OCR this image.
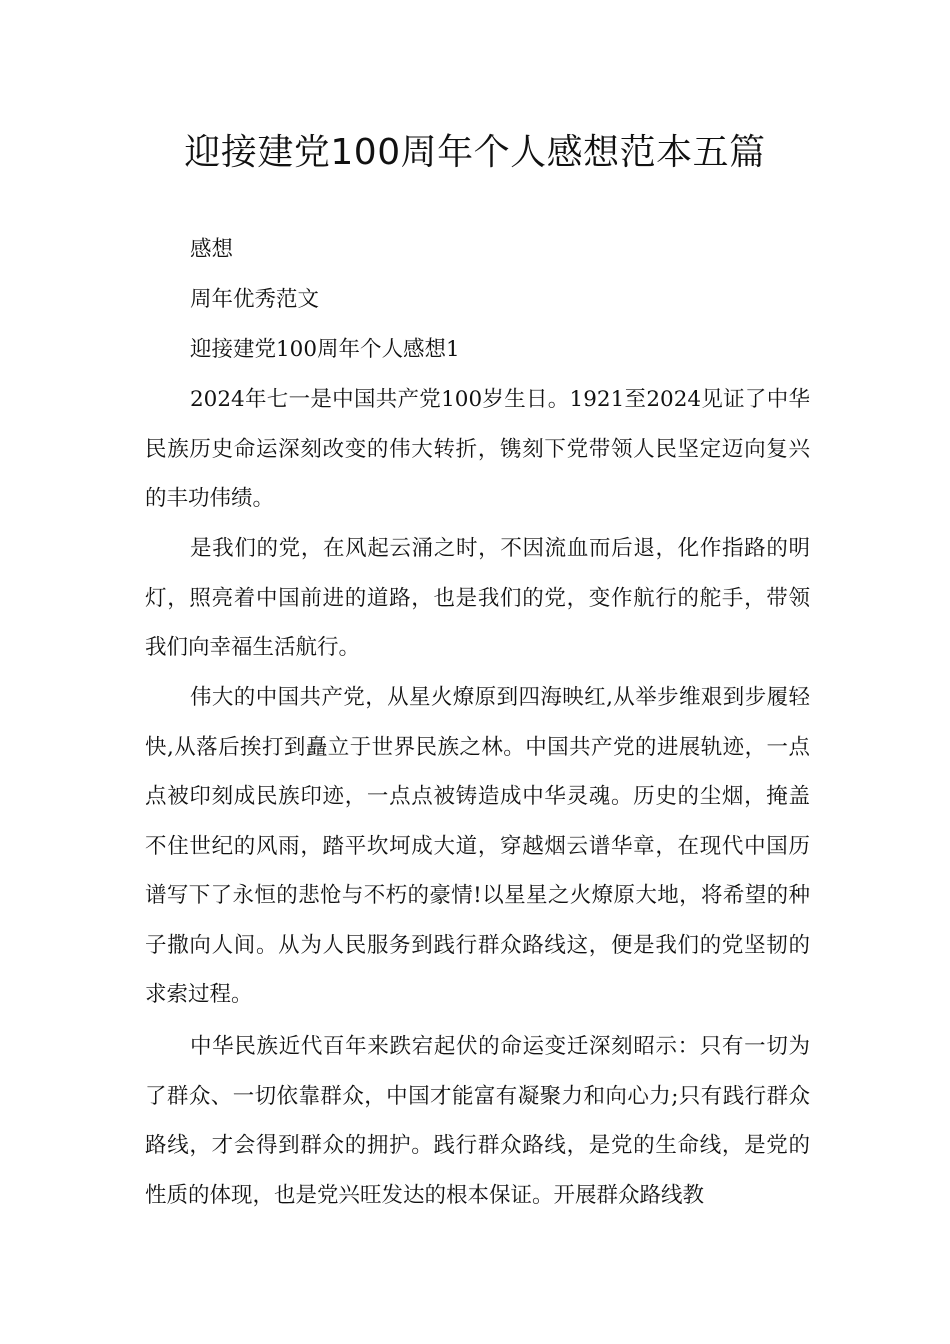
迎接建党100周年个人感想范本五篇
感想
周年优秀范文
迎接建党100周年个人感想1

2024年七一是中国共产党100岁生日。1921至2024见证了中华民族历史命运深刻改变的伟大转折，镌刻下党带领人民坚定迈向复兴的丰功伟绩。

是我们的党，在风起云涌之时，不因流血而后退，化作指路的明灯，照亮着中国前进的道路，也是我们的党，变作航行的舵手，带领我们向幸福生活航行。

伟大的中国共产党，从星火燎原到四海映红,从举步维艰到步履轻快,从落后挨打到矗立于世界民族之林。中国共产党的进展轨迹，一点点被印刻成民族印迹，一点点被铸造成中华灵魂。历史的尘烟，掩盖不住世纪的风雨，踏平坎坷成大道，穿越烟云谱华章，在现代中国历谱写下了永恒的悲怆与不朽的豪情!以星星之火燎原大地，将希望的种子撒向人间。从为人民服务到践行群众路线这，便是我们的党坚韧的求索过程。

中华民族近代百年来跌宕起伏的命运变迁深刻昭示：只有一切为了群众、一切依靠群众，中国才能富有凝聚力和向心力;只有践行群众路线，才会得到群众的拥护。践行群众路线，是党的生命线，是党的性质的体现，也是党兴旺发达的根本保证。开展群众路线教
